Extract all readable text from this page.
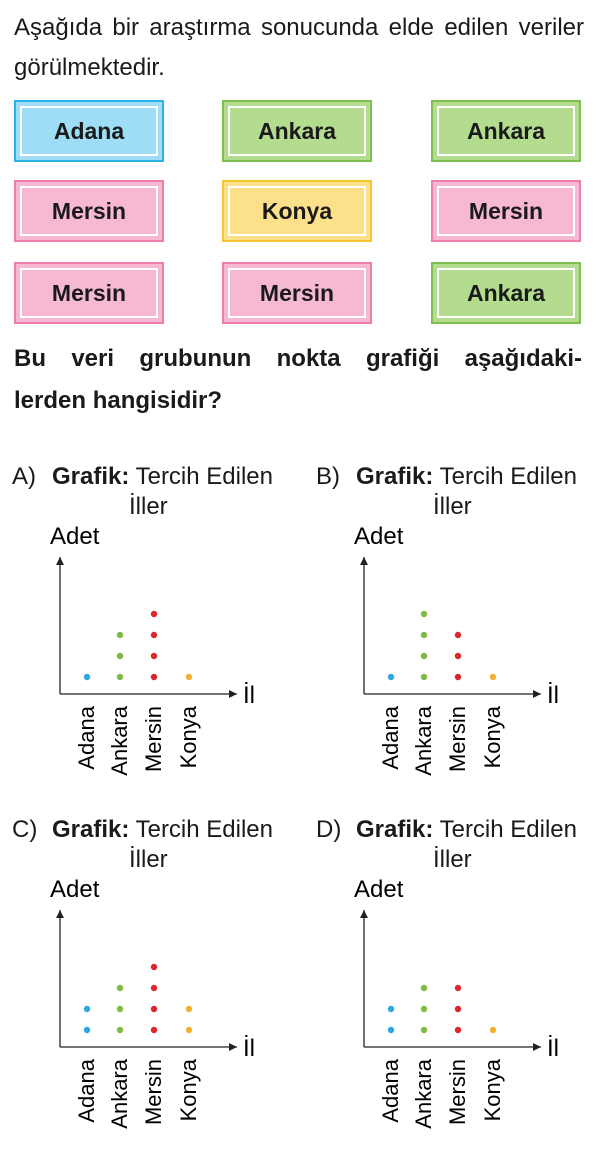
Aşağıda bir araştırma sonucunda elde edilen veriler görülmektedir.
Adana	Ankara	Ankara
Mersin	Konya	Mersin
Mersin	Mersin	Ankara
Bu veri grubunun nokta grafiği aşağıdaki-
lerden hangisidir?
A) Grafik: Tercih Edilen
İller
Adet
İl
Adana Ankara Mersin Konya
B) Grafik: Tercih Edilen
İller
Adet
İl
Adana Ankara Mersin Konya
C) Grafik: Tercih Edilen
İller
Adet
İl
Adana Ankara Mersin Konya
D) Grafik: Tercih Edilen
İller
Adet
İl
Adana Ankara Mersin Konya
